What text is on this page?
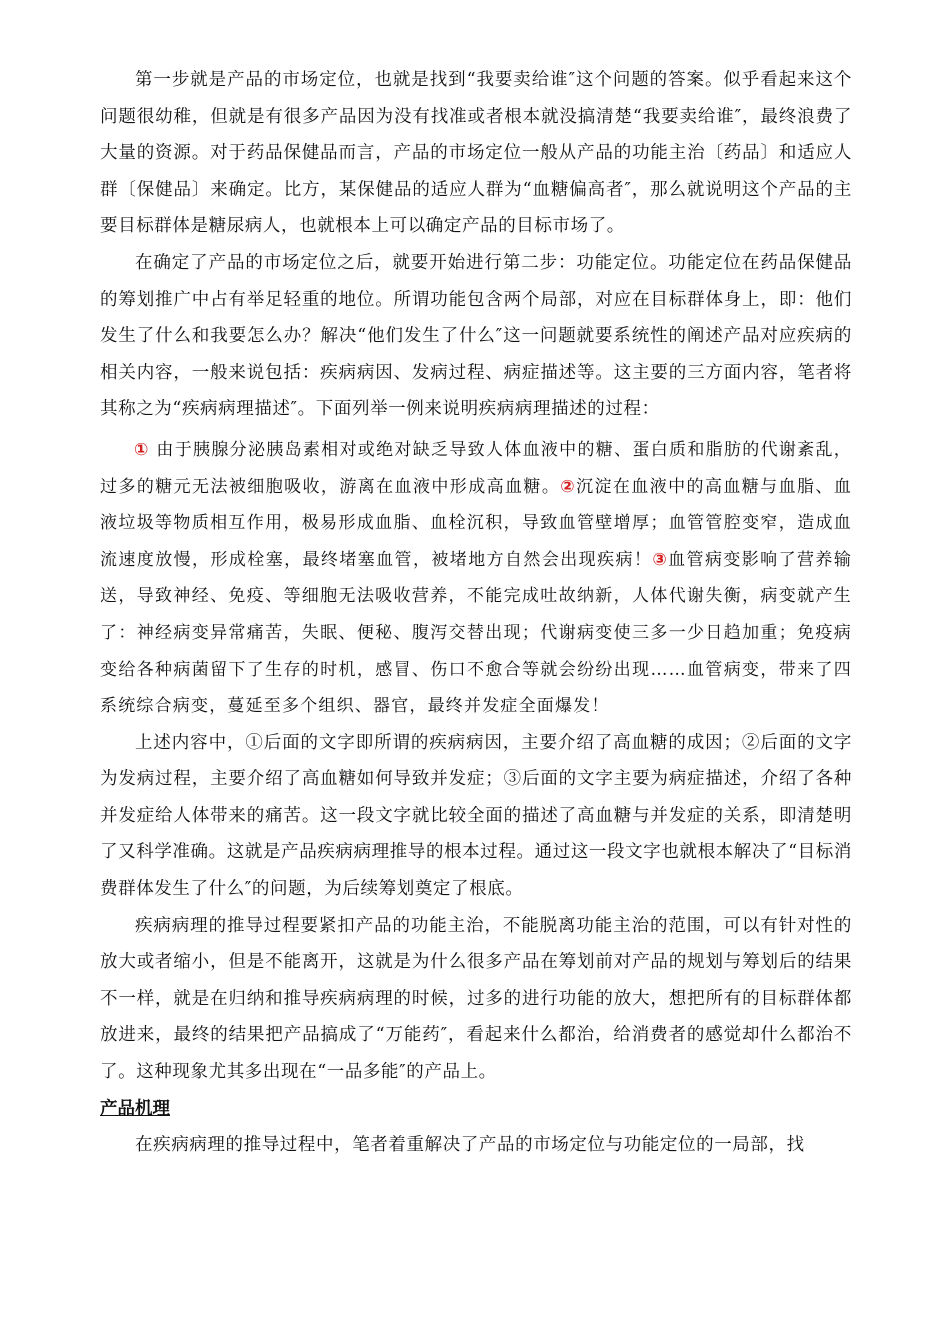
第一步就是产品的市场定位，也就是找到“我要卖给谁″这个问题的答案。似乎看起来这个问题很幼稚，但就是有很多产品因为没有找准或者根本就没搞清楚“我要卖给谁″，最终浪费了大量的资源。对于药品保健品而言，产品的市场定位一般从产品的功能主治〔药品〕和适应人群〔保健品〕来确定。比方，某保健品的适应人群为“血糖偏高者″，那么就说明这个产品的主要目标群体是糖尿病人，也就根本上可以确定产品的目标市场了。

在确定了产品的市场定位之后，就要开始进行第二步：功能定位。功能定位在药品保健品的筹划推广中占有举足轻重的地位。所谓功能包含两个局部，对应在目标群体身上，即：他们发生了什么和我要怎么办？解决“他们发生了什么″这一问题就要系统性的阐述产品对应疾病的相关内容，一般来说包括：疾病病因、发病过程、病症描述等。这主要的三方面内容，笔者将其称之为“疾病病理描述″。下面列举一例来说明疾病病理描述的过程：

① 由于胰腺分泌胰岛素相对或绝对缺乏导致人体血液中的糖、蛋白质和脂肪的代谢紊乱，过多的糖元无法被细胞吸收，游离在血液中形成高血糖。②沉淀在血液中的高血糖与血脂、血液垃圾等物质相互作用，极易形成血脂、血栓沉积，导致血管壁增厚；血管管腔变窄，造成血流速度放慢，形成栓塞，最终堵塞血管，被堵地方自然会出现疾病！③血管病变影响了营养输送，导致神经、免疫、等细胞无法吸收营养，不能完成吐故纳新，人体代谢失衡，病变就产生了：神经病变异常痛苦，失眠、便秘、腹泻交替出现；代谢病变使三多一少日趋加重；免疫病变给各种病菌留下了生存的时机，感冒、伤口不愈合等就会纷纷出现……血管病变，带来了四系统综合病变，蔓延至多个组织、器官，最终并发症全面爆发！

上述内容中，①后面的文字即所谓的疾病病因，主要介绍了高血糖的成因；②后面的文字为发病过程，主要介绍了高血糖如何导致并发症；③后面的文字主要为病症描述，介绍了各种并发症给人体带来的痛苦。这一段文字就比较全面的描述了高血糖与并发症的关系，即清楚明了又科学准确。这就是产品疾病病理推导的根本过程。通过这一段文字也就根本解决了“目标消费群体发生了什么″的问题，为后续筹划奠定了根底。

疾病病理的推导过程要紧扣产品的功能主治，不能脱离功能主治的范围，可以有针对性的放大或者缩小，但是不能离开，这就是为什么很多产品在筹划前对产品的规划与筹划后的结果不一样，就是在归纳和推导疾病病理的时候，过多的进行功能的放大，想把所有的目标群体都放进来，最终的结果把产品搞成了“万能药″，看起来什么都治，给消费者的感觉却什么都治不了。这种现象尤其多出现在“一品多能″的产品上。

产品机理

在疾病病理的推导过程中，笔者着重解决了产品的市场定位与功能定位的一局部，找
